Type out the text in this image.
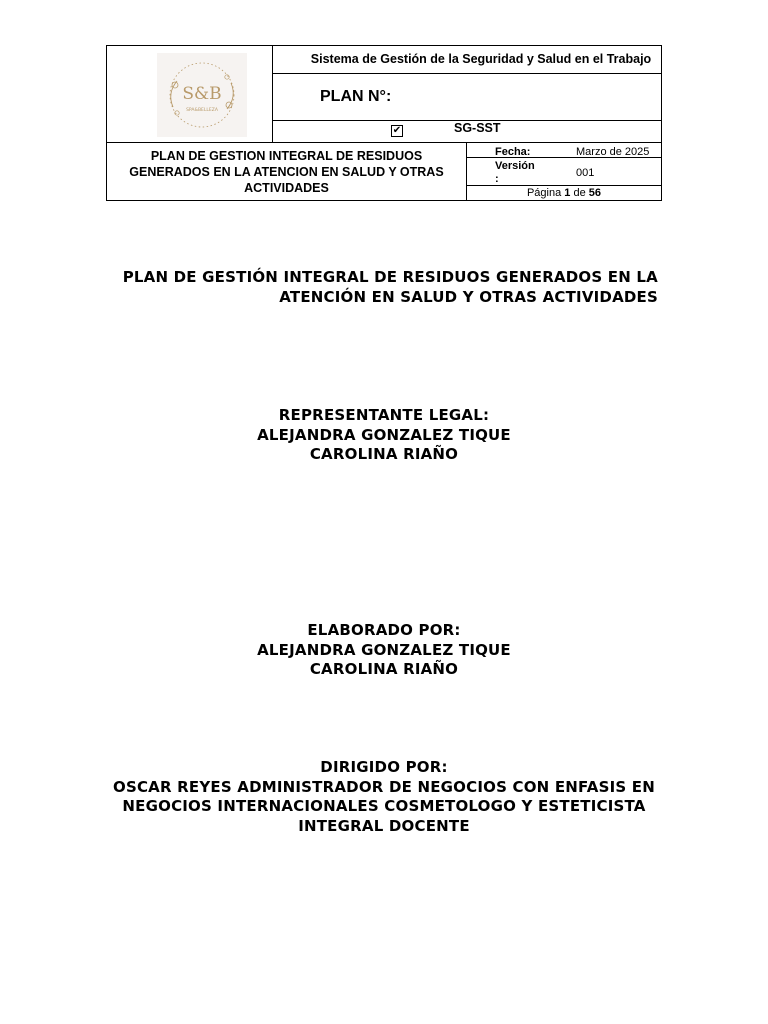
S&B
SPA&BELLEZA
Sistema de Gestión de la Seguridad y Salud en el Trabajo
PLAN N°:
✔	SG-SST
PLAN DE GESTION INTEGRAL DE RESIDUOS
GENERADOS EN LA ATENCION EN SALUD Y OTRAS
ACTIVIDADES
Fecha:	Marzo de 2025
Versión
:	001
Página 1 de 56
PLAN DE GESTIÓN INTEGRAL DE RESIDUOS GENERADOS EN LA
ATENCIÓN EN SALUD Y OTRAS ACTIVIDADES
REPRESENTANTE LEGAL:
ALEJANDRA GONZALEZ TIQUE
CAROLINA RIAÑO
ELABORADO POR:
ALEJANDRA GONZALEZ TIQUE
CAROLINA RIAÑO
DIRIGIDO POR:
OSCAR REYES ADMINISTRADOR DE NEGOCIOS CON ENFASIS EN NEGOCIOS INTERNACIONALES COSMETOLOGO Y ESTETICISTA INTEGRAL DOCENTE
